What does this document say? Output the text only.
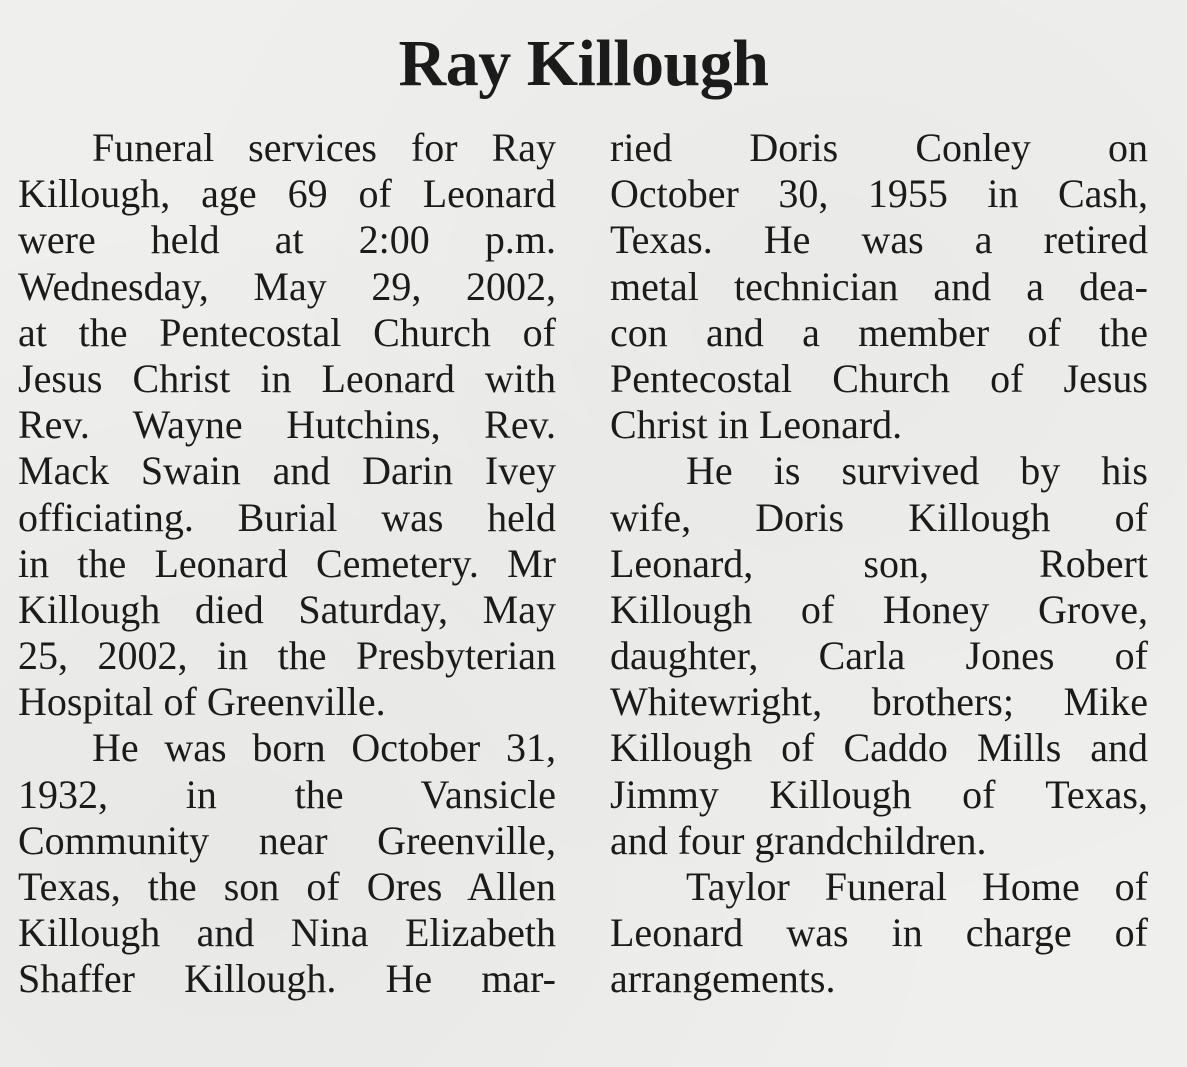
Ray Killough
Funeral services for Ray
Killough, age 69 of Leonard
were held at 2:00 p.m.
Wednesday, May 29, 2002,
at the Pentecostal Church of
Jesus Christ in Leonard with
Rev. Wayne Hutchins, Rev.
Mack Swain and Darin Ivey
officiating. Burial was held
in the Leonard Cemetery. Mr
Killough died Saturday, May
25, 2002, in the Presbyterian
Hospital of Greenville.
He was born October 31,
1932, in the Vansicle
Community near Greenville,
Texas, the son of Ores Allen
Killough and Nina Elizabeth
Shaffer Killough. He mar-
ried Doris Conley on
October 30, 1955 in Cash,
Texas. He was a retired
metal technician and a dea-
con and a member of the
Pentecostal Church of Jesus
Christ in Leonard.
He is survived by his
wife, Doris Killough of
Leonard, son, Robert
Killough of Honey Grove,
daughter, Carla Jones of
Whitewright, brothers; Mike
Killough of Caddo Mills and
Jimmy Killough of Texas,
and four grandchildren.
Taylor Funeral Home of
Leonard was in charge of
arrangements.
